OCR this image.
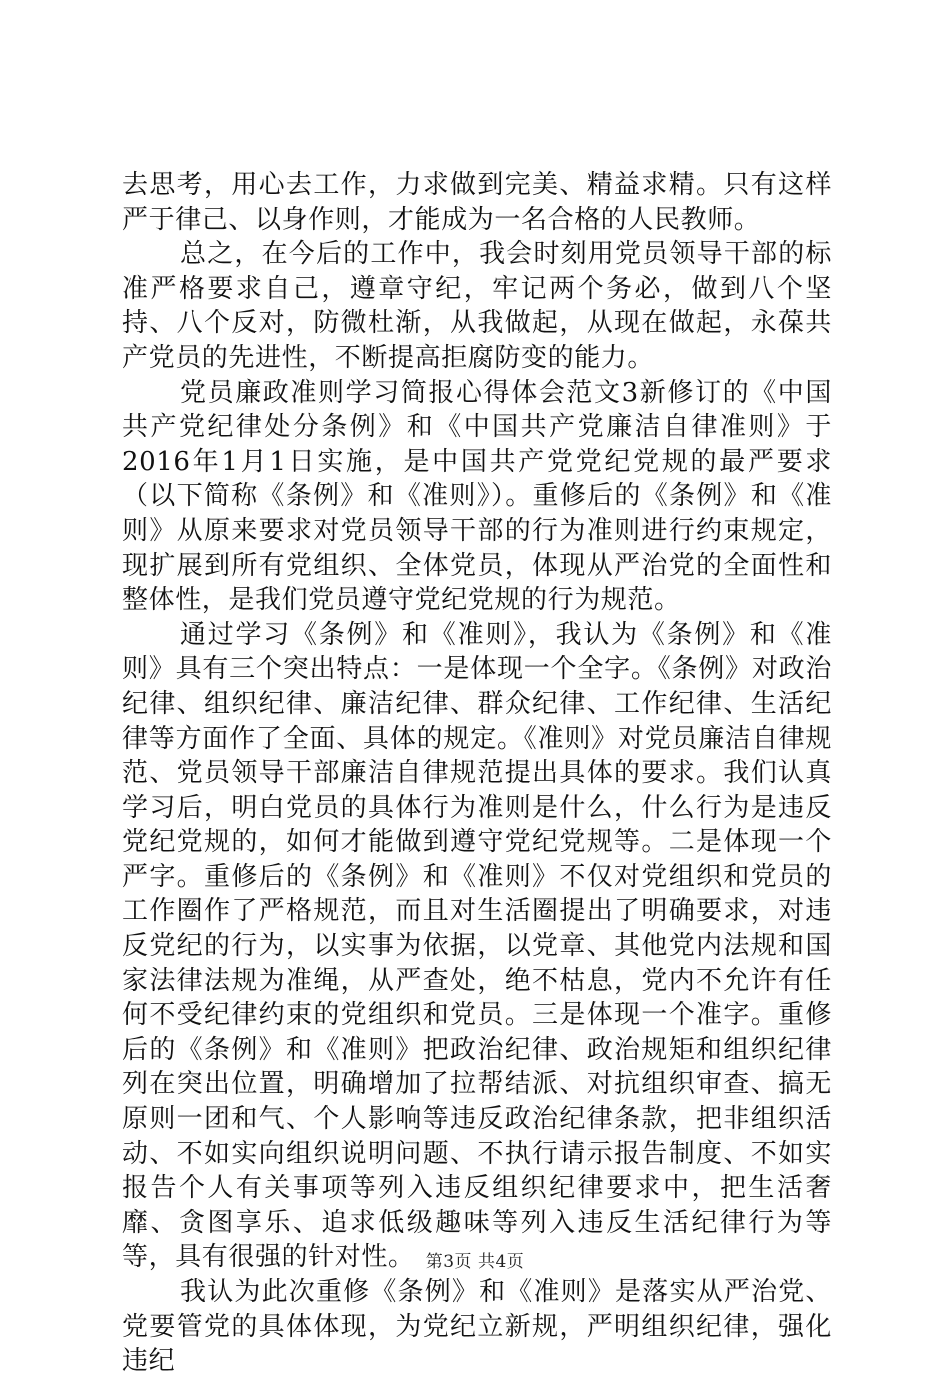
去思考，用心去工作，力求做到完美、精益求精。只有这样严于律己、以身作则，才能成为一名合格的人民教师。

总之，在今后的工作中，我会时刻用党员领导干部的标准严格要求自己，遵章守纪，牢记两个务必，做到八个坚持、八个反对，防微杜渐，从我做起，从现在做起，永葆共产党员的先进性，不断提高拒腐防变的能力。

党员廉政准则学习简报心得体会范文3新修订的《中国共产党纪律处分条例》和《中国共产党廉洁自律准则》于2016年1月1日实施，是中国共产党党纪党规的最严要求（以下简称《条例》和《准则》）。重修后的《条例》和《准则》从原来要求对党员领导干部的行为准则进行约束规定，现扩展到所有党组织、全体党员，体现从严治党的全面性和整体性，是我们党员遵守党纪党规的行为规范。

通过学习《条例》和《准则》，我认为《条例》和《准则》具有三个突出特点：一是体现一个全字。《条例》对政治纪律、组织纪律、廉洁纪律、群众纪律、工作纪律、生活纪律等方面作了全面、具体的规定。《准则》对党员廉洁自律规范、党员领导干部廉洁自律规范提出具体的要求。我们认真学习后，明白党员的具体行为准则是什么，什么行为是违反党纪党规的，如何才能做到遵守党纪党规等。二是体现一个严字。重修后的《条例》和《准则》不仅对党组织和党员的工作圈作了严格规范，而且对生活圈提出了明确要求，对违反党纪的行为，以实事为依据，以党章、其他党内法规和国家法律法规为准绳，从严查处，绝不枯息，党内不允许有任何不受纪律约束的党组织和党员。三是体现一个准字。重修后的《条例》和《准则》把政治纪律、政治规矩和组织纪律列在突出位置，明确增加了拉帮结派、对抗组织审查、搞无原则一团和气、个人影响等违反政治纪律条款，把非组织活动、不如实向组织说明问题、不执行请示报告制度、不如实报告个人有关事项等列入违反组织纪律要求中，把生活奢靡、贪图享乐、追求低级趣味等列入违反生活纪律行为等等，具有很强的针对性。

我认为此次重修《条例》和《准则》是落实从严治党、党要管党的具体体现，为党纪立新规，严明组织纪律，强化违纪

第3页 共4页
